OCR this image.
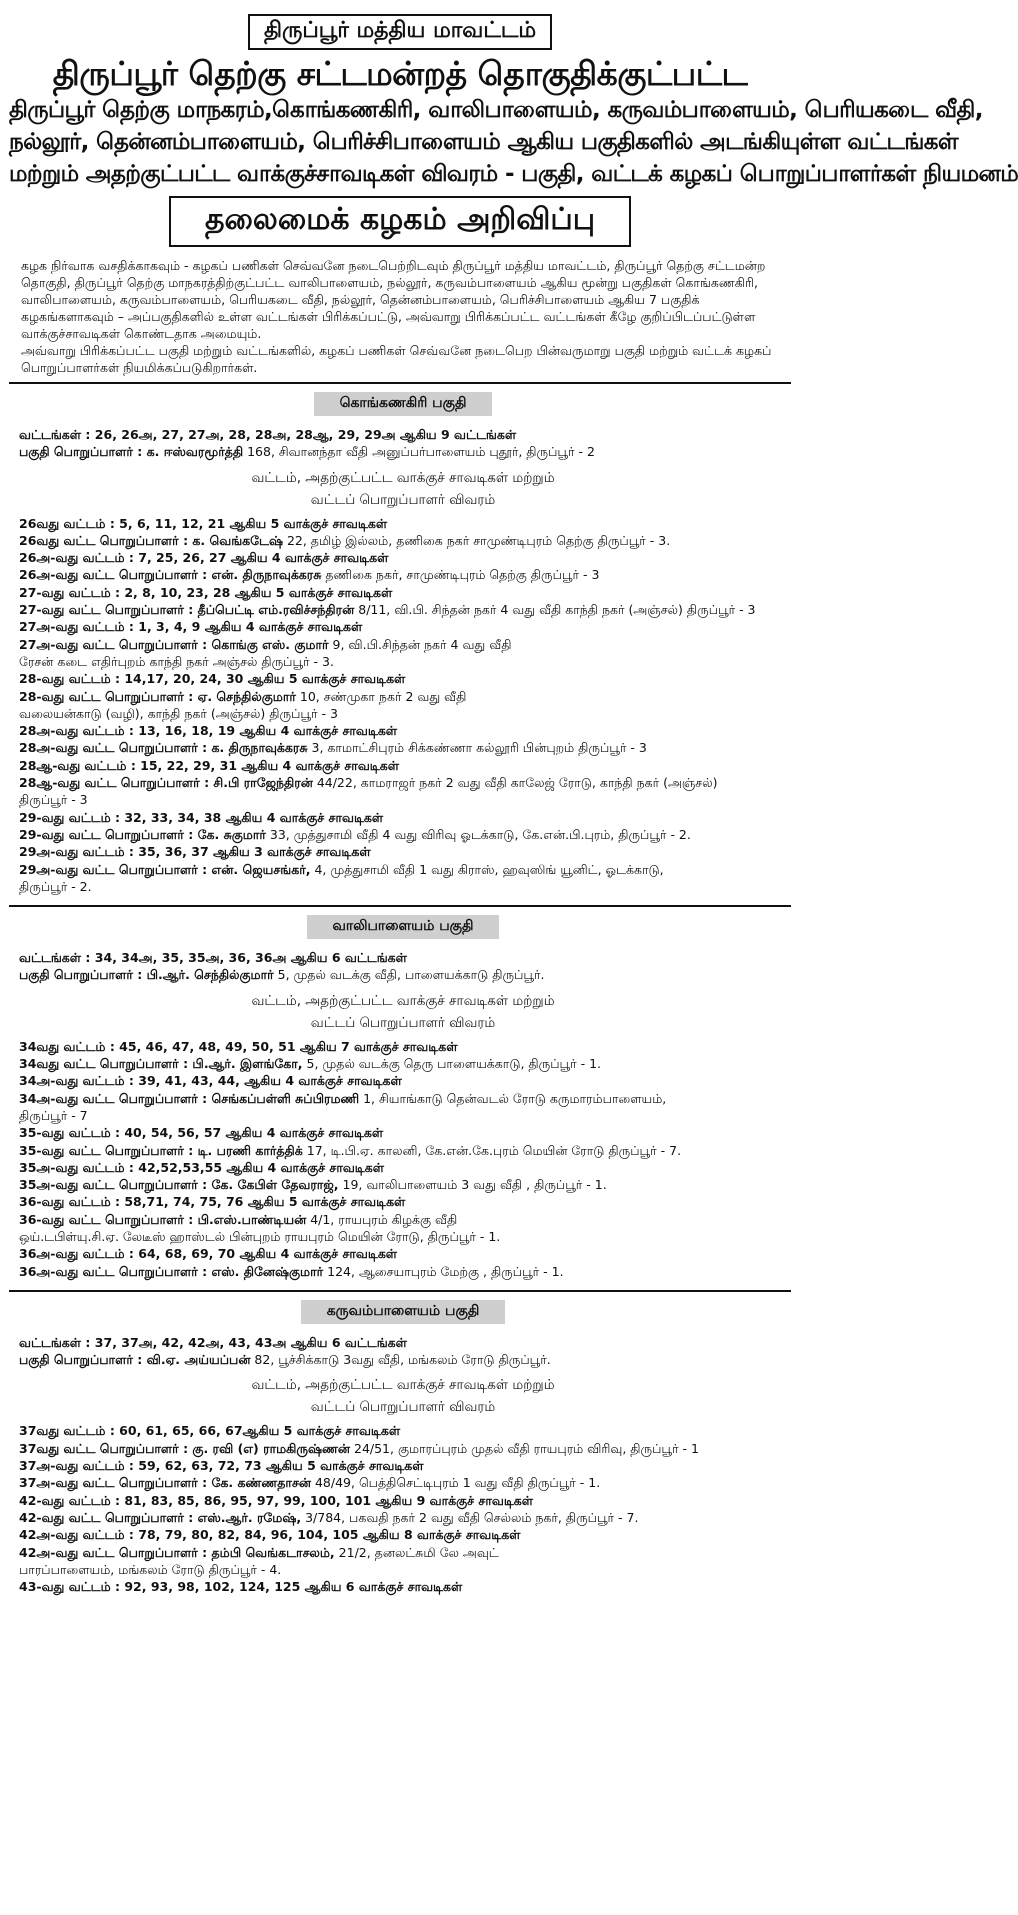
திருப்பூர் மத்திய மாவட்டம்
திருப்பூர் தெற்கு சட்டமன்றத் தொகுதிக்குட்பட்ட
திருப்பூர் தெற்கு மாநகரம்,கொங்கணகிரி, வாலிபாளையம், கருவம்பாளையம், பெரியகடை வீதி,
நல்லூர், தென்னம்பாளையம், பெரிச்சிபாளையம் ஆகிய பகுதிகளில் அடங்கியுள்ள வட்டங்கள்
மற்றும் அதற்குட்பட்ட வாக்குச்சாவடிகள் விவரம் - பகுதி, வட்டக் கழகப் பொறுப்பாளர்கள் நியமனம்
தலைமைக் கழகம் அறிவிப்பு

கழக நிர்வாக வசதிக்காகவும் - கழகப் பணிகள் செவ்வனே நடைபெற்றிடவும் திருப்பூர் மத்திய மாவட்டம், திருப்பூர் தெற்கு சட்டமன்ற தொகுதி, திருப்பூர் தெற்கு மாநகரத்திற்குட்பட்ட வாலிபாளையம், நல்லூர், கருவம்பாளையம் ஆகிய மூன்று பகுதிகள் கொங்கணகிரி, வாலிபாளையம், கருவம்பாளையம், பெரியகடை வீதி, நல்லூர், தென்னம்பாளையம், பெரிச்சிபாளையம் ஆகிய 7 பகுதிக் கழகங்களாகவும் – அப்பகுதிகளில் உள்ள வட்டங்கள் பிரிக்கப்பட்டு, அவ்வாறு பிரிக்கப்பட்ட வட்டங்கள் கீழே குறிப்பிடப்பட்டுள்ள வாக்குச்சாவடிகள் கொண்டதாக அமையும்.

அவ்வாறு பிரிக்கப்பட்ட பகுதி மற்றும் வட்டங்களில், கழகப் பணிகள் செவ்வனே நடைபெற பின்வருமாறு பகுதி மற்றும் வட்டக் கழகப் பொறுப்பாளர்கள் நியமிக்கப்படுகிறார்கள்.

கொங்கணகிரி பகுதி
வட்டங்கள் : 26, 26அ, 27, 27அ, 28, 28அ, 28ஆ, 29, 29அ ஆகிய 9 வட்டங்கள்
பகுதி பொறுப்பாளர் : க. ஈஸ்வரமூர்த்தி 168, சிவானந்தா வீதி அனுப்பர்பாளையம் புதூர், திருப்பூர் - 2
வட்டம், அதற்குட்பட்ட வாக்குச் சாவடிகள் மற்றும்
வட்டப் பொறுப்பாளர் விவரம்
26வது வட்டம் : 5, 6, 11, 12, 21 ஆகிய 5 வாக்குச் சாவடிகள்
26வது வட்ட பொறுப்பாளர் : க. வெங்கடேஷ் 22, தமிழ் இல்லம், தணிகை நகர் சாமுண்டிபுரம் தெற்கு திருப்பூர் - 3.
26அ-வது வட்டம் : 7, 25, 26, 27 ஆகிய 4 வாக்குச் சாவடிகள்
26அ-வது வட்ட பொறுப்பாளர் : என். திருநாவுக்கரசு தணிகை நகர், சாமுண்டிபுரம் தெற்கு திருப்பூர் - 3
27-வது வட்டம் : 2, 8, 10, 23, 28 ஆகிய 5 வாக்குச் சாவடிகள்
27-வது வட்ட பொறுப்பாளர் : தீப்பெட்டி எம்.ரவிச்சந்திரன் 8/11, வி.பி. சிந்தன் நகர் 4 வது வீதி காந்தி நகர் (அஞ்சல்) திருப்பூர் - 3
27அ-வது வட்டம் : 1, 3, 4, 9 ஆகிய 4 வாக்குச் சாவடிகள்
27அ-வது வட்ட பொறுப்பாளர் : கொங்கு எஸ். குமார் 9, வி.பி.சிந்தன் நகர் 4 வது வீதி
ரேசன் கடை எதிர்புறம் காந்தி நகர் அஞ்சல் திருப்பூர் - 3.
28-வது வட்டம் : 14,17, 20, 24, 30 ஆகிய 5 வாக்குச் சாவடிகள்
28-வது வட்ட பொறுப்பாளர் : ஏ. செந்தில்குமார் 10, சண்முகா நகர் 2 வது வீதி
வலையன்காடு (வழி), காந்தி நகர் (அஞ்சல்) திருப்பூர் - 3
28அ-வது வட்டம் : 13, 16, 18, 19 ஆகிய 4 வாக்குச் சாவடிகள்
28அ-வது வட்ட பொறுப்பாளர் : க. திருநாவுக்கரசு 3, காமாட்சிபுரம் சிக்கண்ணா கல்லூரி பின்புறம் திருப்பூர் - 3
28ஆ-வது வட்டம் : 15, 22, 29, 31 ஆகிய 4 வாக்குச் சாவடிகள்
28ஆ-வது வட்ட பொறுப்பாளர் : சி.பி ராஜேந்திரன் 44/22, காமராஜர் நகர் 2 வது வீதி காலேஜ் ரோடு, காந்தி நகர் (அஞ்சல்)
திருப்பூர் - 3
29-வது வட்டம் : 32, 33, 34, 38 ஆகிய 4 வாக்குச் சாவடிகள்
29-வது வட்ட பொறுப்பாளர் : கே. சுகுமார் 33, முத்துசாமி வீதி 4 வது விரிவு ஓடக்காடு, கே.என்.பி.புரம், திருப்பூர் - 2.
29அ-வது வட்டம் : 35, 36, 37 ஆகிய 3 வாக்குச் சாவடிகள்
29அ-வது வட்ட பொறுப்பாளர் : என். ஜெயசங்கர், 4, முத்துசாமி வீதி 1 வது கிராஸ், ஹவுஸிங் யூனிட், ஓடக்காடு,
திருப்பூர் - 2.
வாலிபாளையம் பகுதி
வட்டங்கள் : 34, 34அ, 35, 35அ, 36, 36அ ஆகிய 6 வட்டங்கள்
பகுதி பொறுப்பாளர் : பி.ஆர். செந்தில்குமார் 5, முதல் வடக்கு வீதி, பாளையக்காடு திருப்பூர்.
வட்டம், அதற்குட்பட்ட வாக்குச் சாவடிகள் மற்றும்
வட்டப் பொறுப்பாளர் விவரம்
34வது வட்டம் : 45, 46, 47, 48, 49, 50, 51 ஆகிய 7 வாக்குச் சாவடிகள்
34வது வட்ட பொறுப்பாளர் : பி.ஆர். இளங்கோ, 5, முதல் வடக்கு தெரு பாளையக்காடு, திருப்பூர் - 1.
34அ-வது வட்டம் : 39, 41, 43, 44, ஆகிய 4 வாக்குச் சாவடிகள்
34அ-வது வட்ட பொறுப்பாளர் : செங்கப்பள்ளி சுப்பிரமணி 1, சியாங்காடு தென்வடல் ரோடு கருமாரம்பாளையம்,
திருப்பூர் - 7
35-வது வட்டம் : 40, 54, 56, 57 ஆகிய 4 வாக்குச் சாவடிகள்
35-வது வட்ட பொறுப்பாளர் : டி. பரணி கார்த்திக் 17, டி.பி.ஏ. காலனி, கே.என்.கே.புரம் மெயின் ரோடு திருப்பூர் - 7.
35அ-வது வட்டம் : 42,52,53,55 ஆகிய 4 வாக்குச் சாவடிகள்
35அ-வது வட்ட பொறுப்பாளர் : கே. கேபிள் தேவராஜ், 19, வாலிபாளையம் 3 வது வீதி , திருப்பூர் - 1.
36-வது வட்டம் : 58,71, 74, 75, 76 ஆகிய 5 வாக்குச் சாவடிகள்
36-வது வட்ட பொறுப்பாளர் : பி.எஸ்.பாண்டியன் 4/1, ராயபுரம் கிழக்கு வீதி
ஒய்.டபிள்யு.சி.ஏ. லேடீஸ் ஹாஸ்டல் பின்புறம் ராயபுரம் மெயின் ரோடு, திருப்பூர் - 1.
36அ-வது வட்டம் : 64, 68, 69, 70 ஆகிய 4 வாக்குச் சாவடிகள்
36அ-வது வட்ட பொறுப்பாளர் : எஸ். தினேஷ்குமார் 124, ஆசையாபுரம் மேற்கு , திருப்பூர் - 1.
கருவம்பாளையம் பகுதி
வட்டங்கள் : 37, 37அ, 42, 42அ, 43, 43அ ஆகிய 6 வட்டங்கள்
பகுதி பொறுப்பாளர் : வி.ஏ. அய்யப்பன் 82, பூச்சிக்காடு 3வது வீதி, மங்கலம் ரோடு திருப்பூர்.
வட்டம், அதற்குட்பட்ட வாக்குச் சாவடிகள் மற்றும்
வட்டப் பொறுப்பாளர் விவரம்
37வது வட்டம் : 60, 61, 65, 66, 67ஆகிய 5 வாக்குச் சாவடிகள்
37வது வட்ட பொறுப்பாளர் : கு. ரவி (எ) ராமகிருஷ்ணன் 24/51, குமாரப்புரம் முதல் வீதி ராயபுரம் விரிவு, திருப்பூர் - 1
37அ-வது வட்டம் : 59, 62, 63, 72, 73 ஆகிய 5 வாக்குச் சாவடிகள்
37அ-வது வட்ட பொறுப்பாளர் : கே. கண்ணதாசன் 48/49, பெத்திசெட்டிபுரம் 1 வது வீதி திருப்பூர் - 1.
42-வது வட்டம் : 81, 83, 85, 86, 95, 97, 99, 100, 101 ஆகிய 9 வாக்குச் சாவடிகள்
42-வது வட்ட பொறுப்பாளர் : எஸ்.ஆர். ரமேஷ், 3/784, பகவதி நகர் 2 வது வீதி செல்லம் நகர், திருப்பூர் - 7.
42அ-வது வட்டம் : 78, 79, 80, 82, 84, 96, 104, 105 ஆகிய 8 வாக்குச் சாவடிகள்
42அ-வது வட்ட பொறுப்பாளர் : தம்பி வெங்கடாசலம், 21/2, தனலட்சுமி லே அவுட்
பாரப்பாளையம், மங்கலம் ரோடு திருப்பூர் - 4.
43-வது வட்டம் : 92, 93, 98, 102, 124, 125 ஆகிய 6 வாக்குச் சாவடிகள்
